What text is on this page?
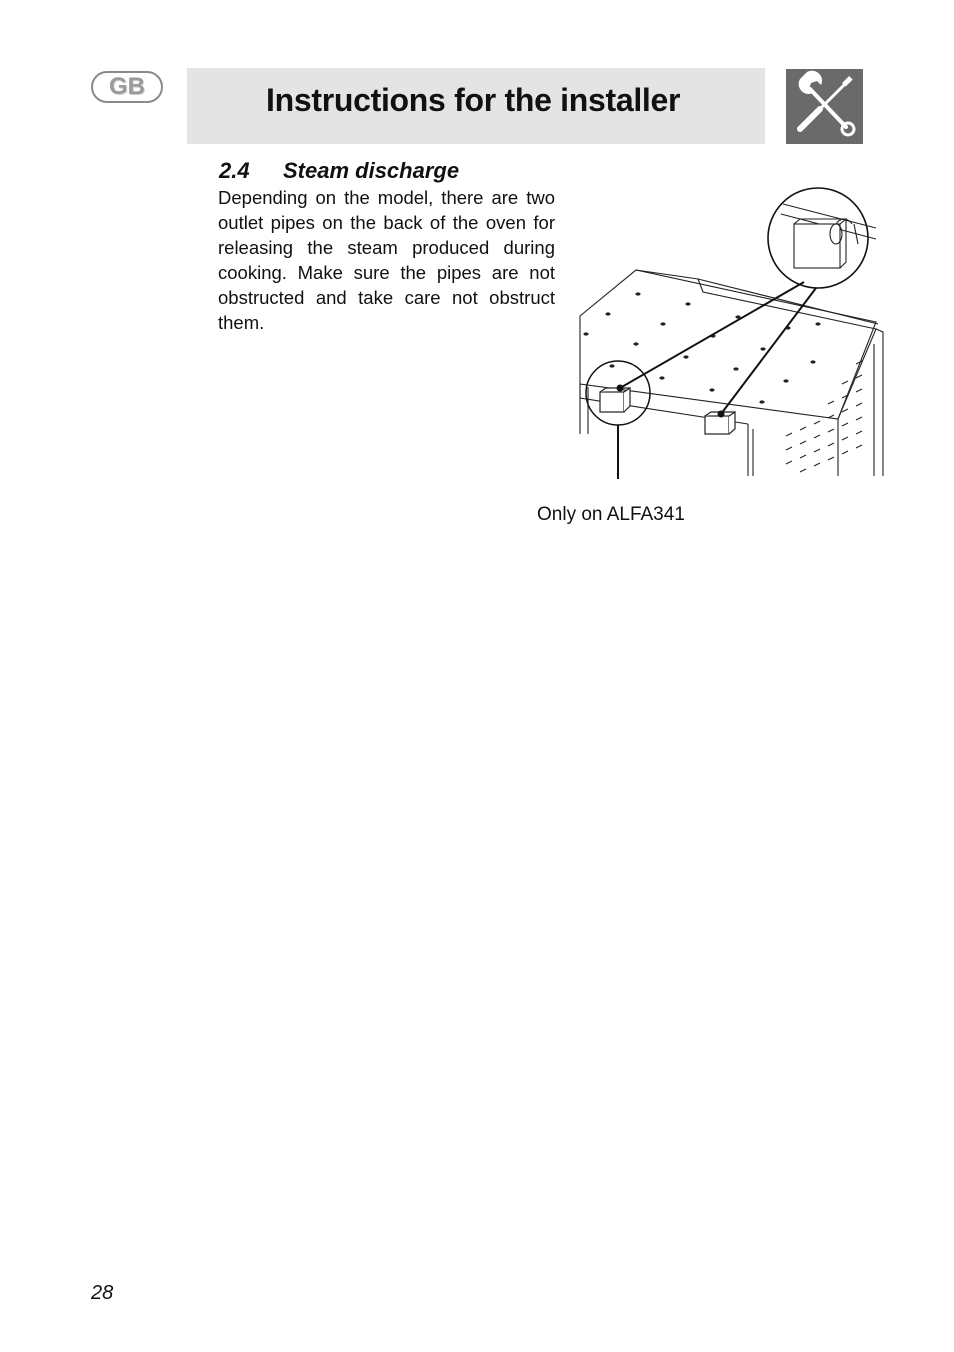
GB	Instructions for the installer
2.4 Steam discharge
Depending on the model, there are two outlet pipes on the back of the oven for releasing the steam produced during cooking. Make sure the pipes are not obstructed and take care not obstruct them.
Only on ALFA341
28
